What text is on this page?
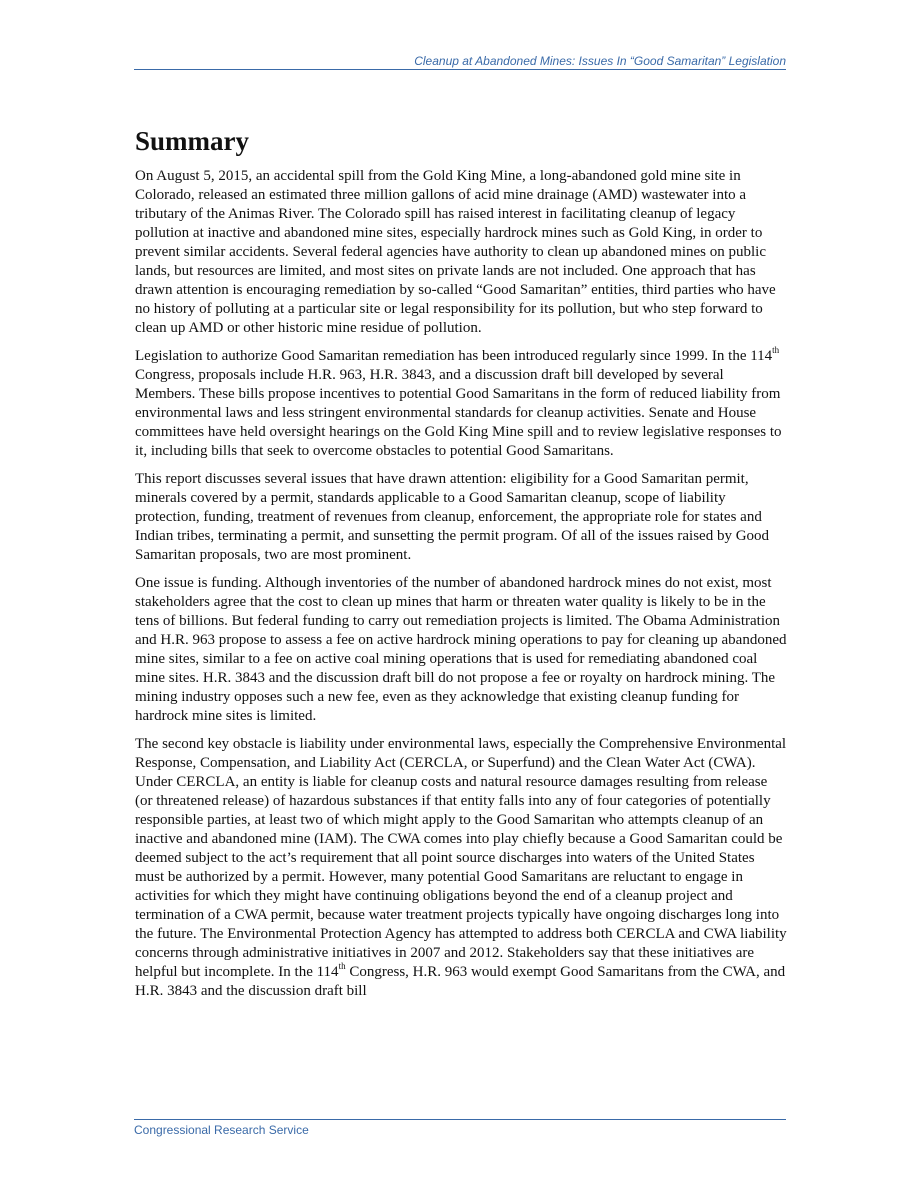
Cleanup at Abandoned Mines: Issues In “Good Samaritan” Legislation
Summary

On August 5, 2015, an accidental spill from the Gold King Mine, a long-abandoned gold mine site in Colorado, released an estimated three million gallons of acid mine drainage (AMD) wastewater into a tributary of the Animas River. The Colorado spill has raised interest in facilitating cleanup of legacy pollution at inactive and abandoned mine sites, especially hardrock mines such as Gold King, in order to prevent similar accidents. Several federal agencies have authority to clean up abandoned mines on public lands, but resources are limited, and most sites on private lands are not included. One approach that has drawn attention is encouraging remediation by so-called “Good Samaritan” entities, third parties who have no history of polluting at a particular site or legal responsibility for its pollution, but who step forward to clean up AMD or other historic mine residue of pollution.

Legislation to authorize Good Samaritan remediation has been introduced regularly since 1999. In the 114th Congress, proposals include H.R. 963, H.R. 3843, and a discussion draft bill developed by several Members. These bills propose incentives to potential Good Samaritans in the form of reduced liability from environmental laws and less stringent environmental standards for cleanup activities. Senate and House committees have held oversight hearings on the Gold King Mine spill and to review legislative responses to it, including bills that seek to overcome obstacles to potential Good Samaritans.

This report discusses several issues that have drawn attention: eligibility for a Good Samaritan permit, minerals covered by a permit, standards applicable to a Good Samaritan cleanup, scope of liability protection, funding, treatment of revenues from cleanup, enforcement, the appropriate role for states and Indian tribes, terminating a permit, and sunsetting the permit program. Of all of the issues raised by Good Samaritan proposals, two are most prominent.

One issue is funding. Although inventories of the number of abandoned hardrock mines do not exist, most stakeholders agree that the cost to clean up mines that harm or threaten water quality is likely to be in the tens of billions. But federal funding to carry out remediation projects is limited. The Obama Administration and H.R. 963 propose to assess a fee on active hardrock mining operations to pay for cleaning up abandoned mine sites, similar to a fee on active coal mining operations that is used for remediating abandoned coal mine sites. H.R. 3843 and the discussion draft bill do not propose a fee or royalty on hardrock mining. The mining industry opposes such a new fee, even as they acknowledge that existing cleanup funding for hardrock mine sites is limited.

The second key obstacle is liability under environmental laws, especially the Comprehensive Environmental Response, Compensation, and Liability Act (CERCLA, or Superfund) and the Clean Water Act (CWA). Under CERCLA, an entity is liable for cleanup costs and natural resource damages resulting from release (or threatened release) of hazardous substances if that entity falls into any of four categories of potentially responsible parties, at least two of which might apply to the Good Samaritan who attempts cleanup of an inactive and abandoned mine (IAM). The CWA comes into play chiefly because a Good Samaritan could be deemed subject to the act’s requirement that all point source discharges into waters of the United States must be authorized by a permit. However, many potential Good Samaritans are reluctant to engage in activities for which they might have continuing obligations beyond the end of a cleanup project and termination of a CWA permit, because water treatment projects typically have ongoing discharges long into the future. The Environmental Protection Agency has attempted to address both CERCLA and CWA liability concerns through administrative initiatives in 2007 and 2012. Stakeholders say that these initiatives are helpful but incomplete. In the 114th Congress, H.R. 963 would exempt Good Samaritans from the CWA, and H.R. 3843 and the discussion draft bill

Congressional Research Service
